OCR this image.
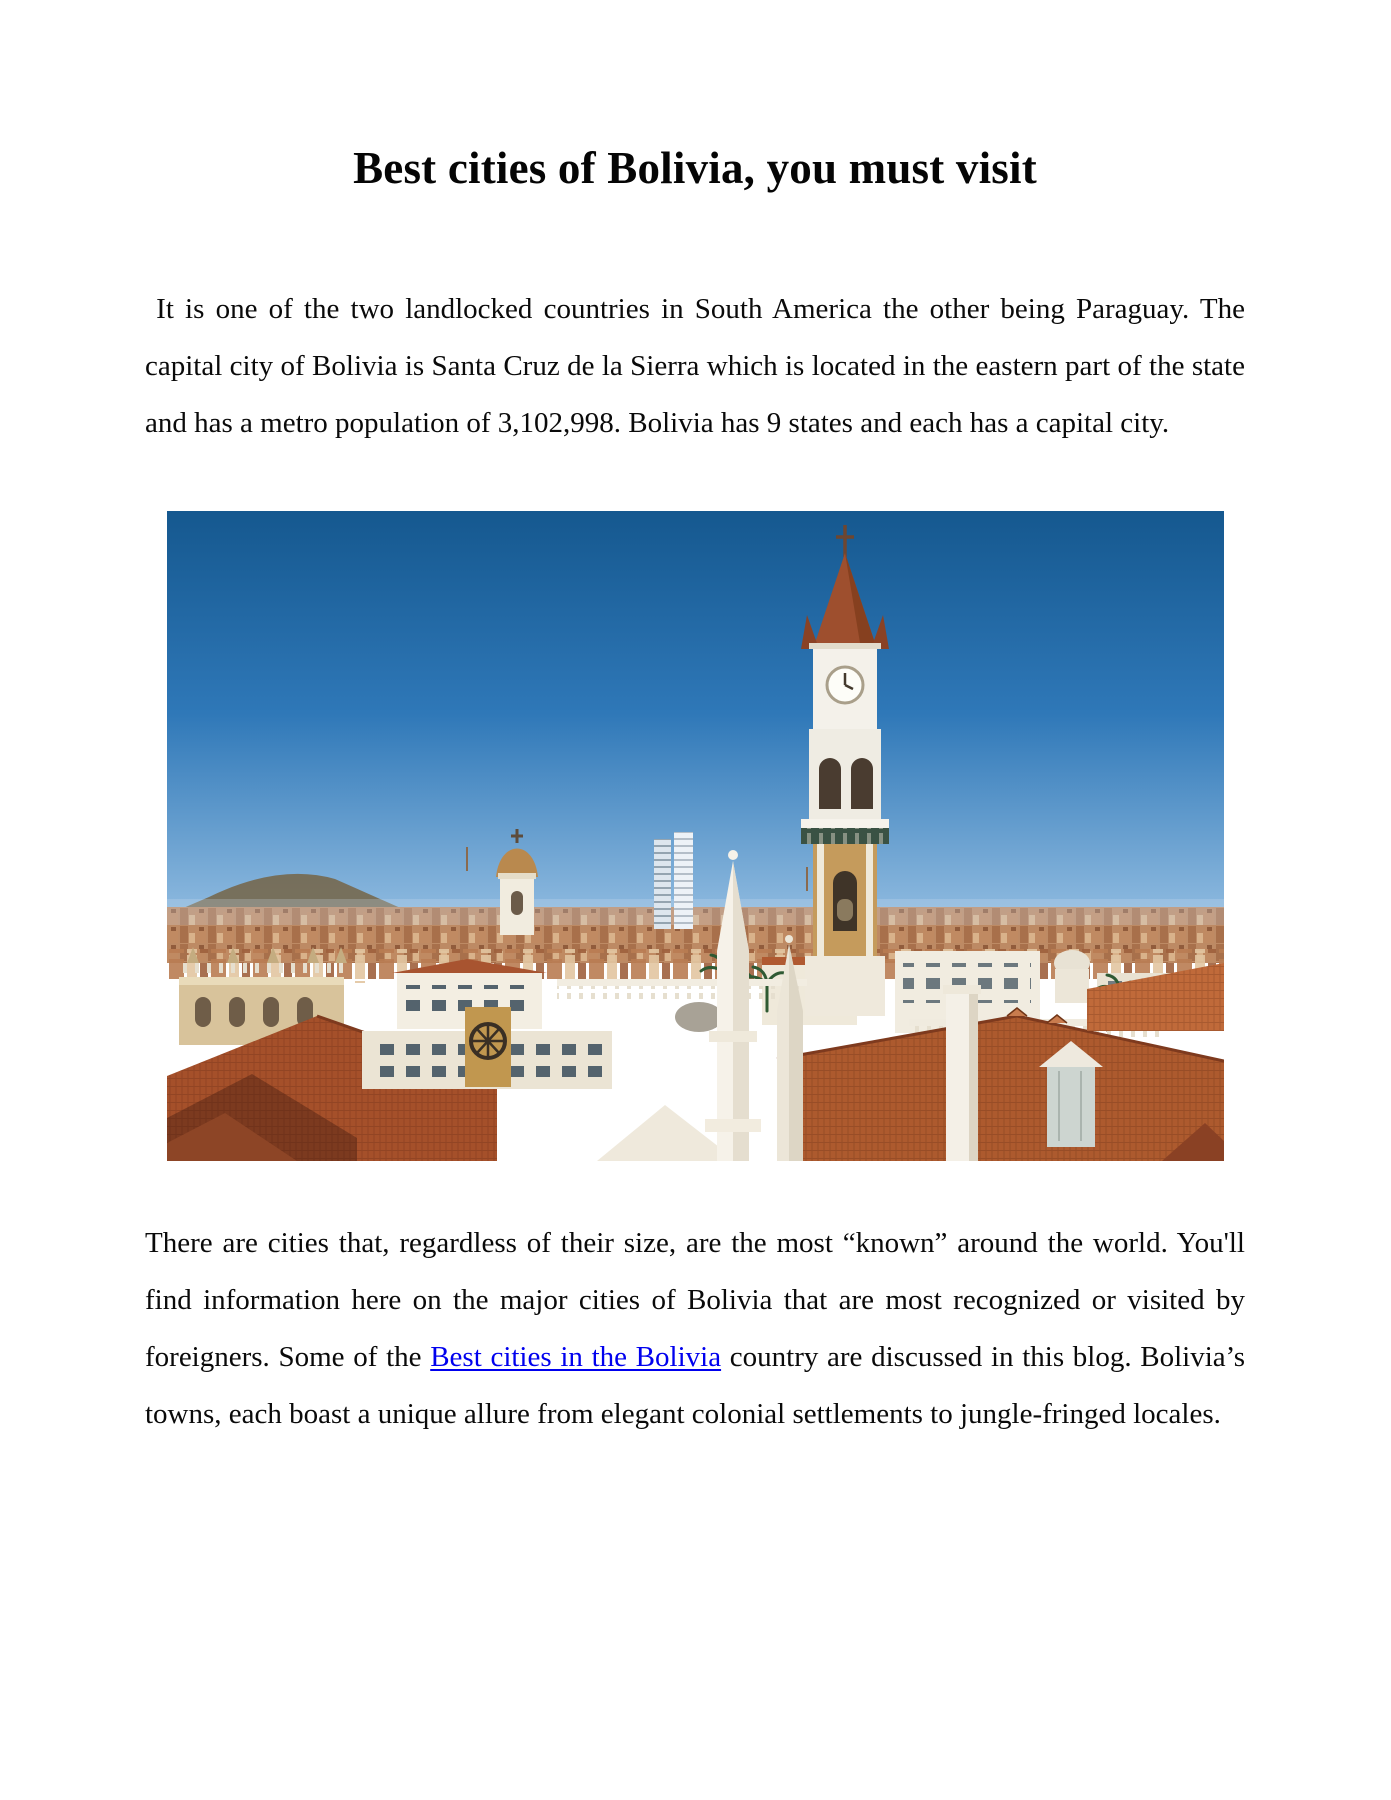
Best cities of Bolivia, you must visit

It is one of the two landlocked countries in South America the other being Paraguay. The capital city of Bolivia is Santa Cruz de la Sierra which is located in the eastern part of the state and has a metro population of 3,102,998. Bolivia has 9 states and each has a capital city.

There are cities that, regardless of their size, are the most “known” around the world. You'll find information here on the major cities of Bolivia that are most recognized or visited by foreigners. Some of the Best cities in the Bolivia country are discussed in this blog. Bolivia’s towns, each boast a unique allure from elegant colonial settlements to jungle-fringed locales.
